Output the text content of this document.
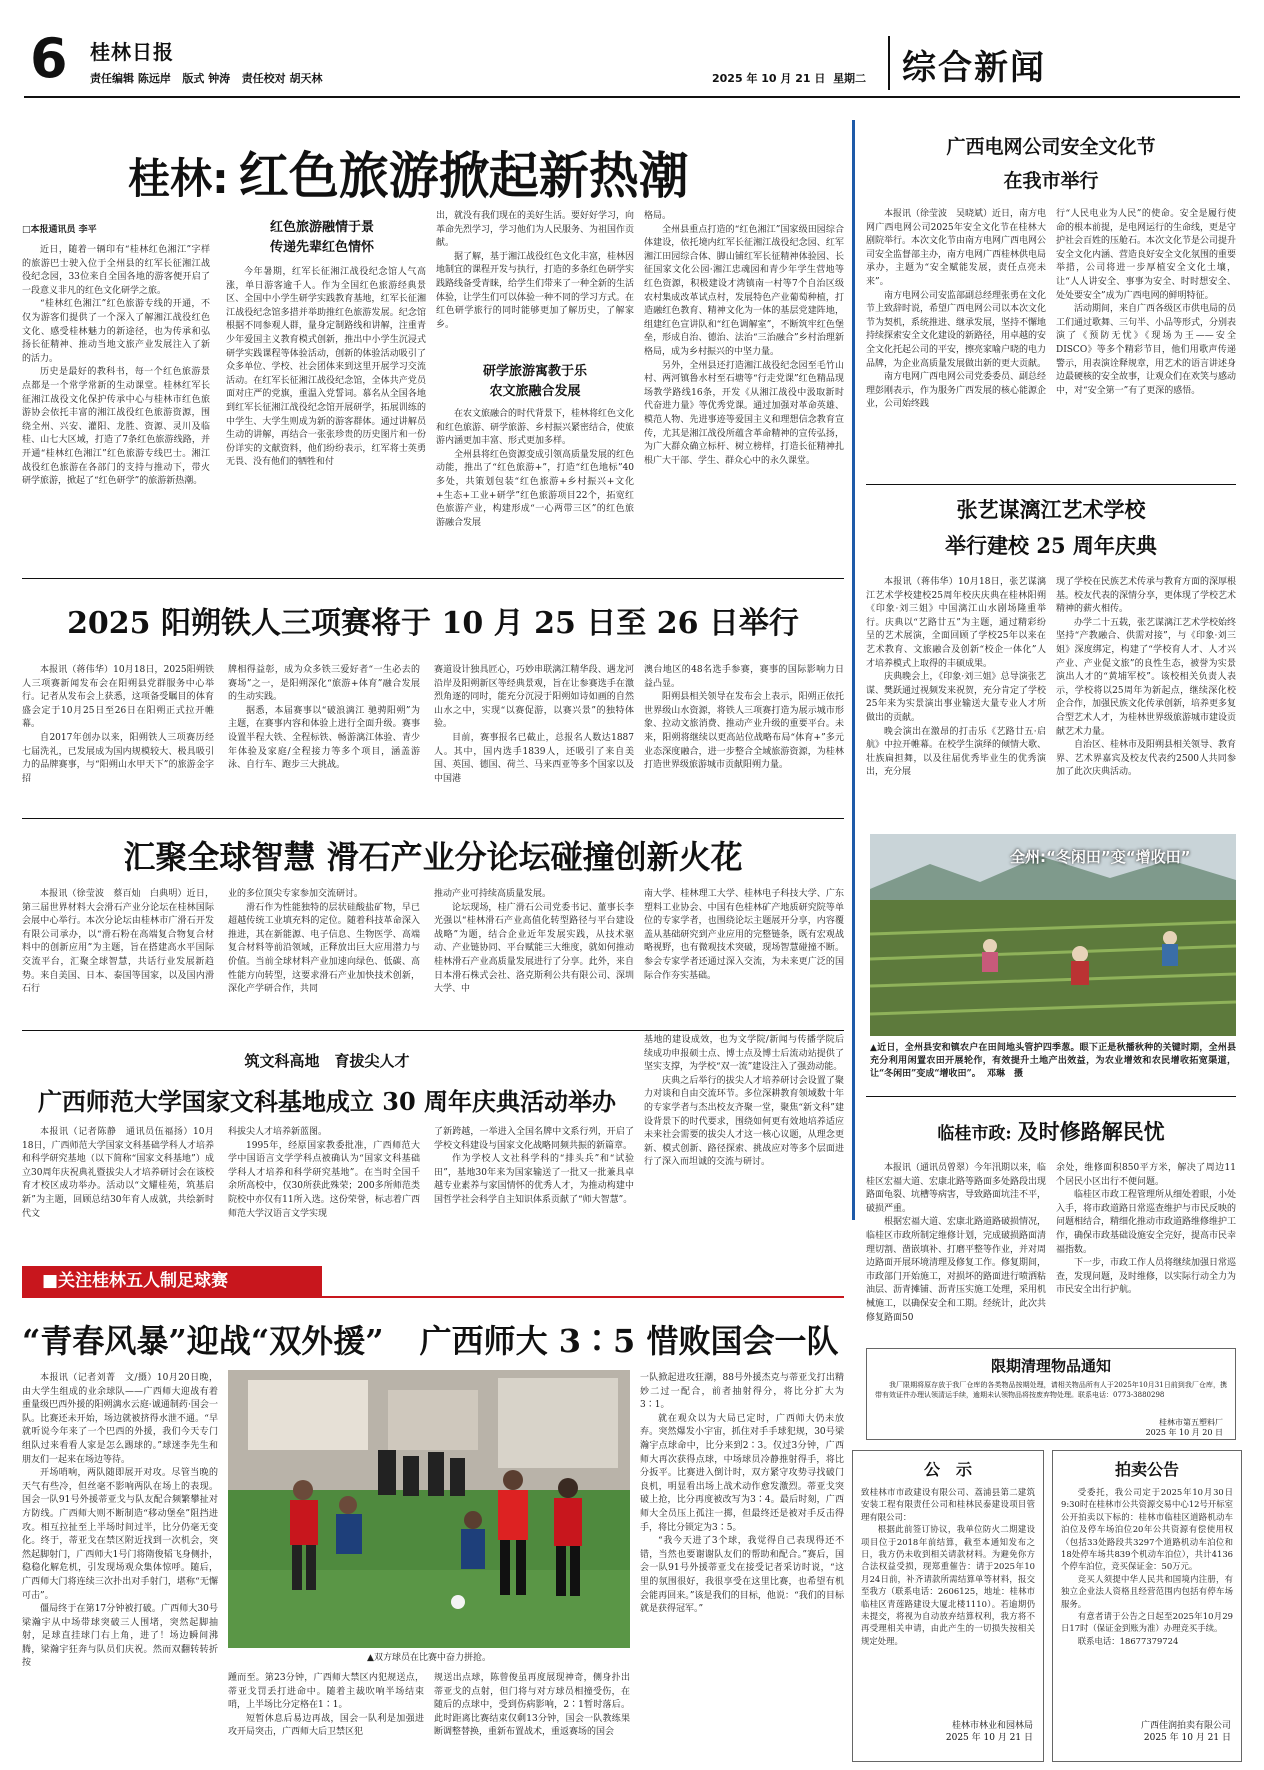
6 桂林日报
责任编辑 陈远岸 版式 钟涛 责任校对 胡天林	2025 年 10 月 21 日 星期二 综合新闻
桂林: 红色旅游掀起新热潮

□本报通讯员 李平

近日，随着一辆印有“桂林红色湘江”字样的旅游巴士驶入位于全州县的红军长征湘江战役纪念园，33位来自全国各地的游客便开启了一段意义非凡的红色文化研学之旅。

“桂林红色湘江”红色旅游专线的开通，不仅为游客们提供了一个深入了解湘江战役红色文化、感受桂林魅力的新途径，也为传承和弘扬长征精神、推动当地文旅产业发展注入了新的活力。

历史是最好的教科书，每一个红色旅游景点都是一个常学常新的生动课堂。桂林红军长征湘江战役文化保护传承中心与桂林市红色旅游协会依托丰富的湘江战役红色旅游资源，围绕全州、兴安、灌阳、龙胜、资源、灵川及临桂、山七大区域，打造了7条红色旅游线路，并开通“桂林红色湘江”红色旅游专线巴士。湘江战役红色旅游在各部门的支持与推动下，带火研学旅游，掀起了“红色研学”的旅游新热潮。

红色旅游融情于景
传递先辈红色情怀

今年暑期，红军长征湘江战役纪念馆人气高涨，单日游客逾千人。作为全国红色旅游经典景区、全国中小学生研学实践教育基地，红军长征湘江战役纪念馆多措并举助推红色旅游发展。纪念馆根据不同参观人群，量身定制路线和讲解，注重青少年爱国主义教育模式创新，推出中小学生沉浸式研学实践课程等体验活动，创新的体验活动吸引了众多单位、学校、社会团体来到这里开展学习交流活动。在红军长征湘江战役纪念馆，全体共产党员面对庄严的党旗，重温入党誓词。慕名从全国各地到红军长征湘江战役纪念馆开展研学，拓展训练的中学生、大学生则成为新的游客群体。通过讲解员生动的讲解，再结合一张张珍贵的历史图片和一份份详实的文献资料，他们纷纷表示，红军将士英勇无畏、没有他们的牺牲和付

出，就没有我们现在的美好生活。要好好学习，向革命先烈学习，学习他们为人民服务、为祖国作贡献。

据了解，基于湘江战役红色文化丰富，桂林因地制宜的课程开发与执行，打造的多条红色研学实践路线备受青睐，给学生们带来了一种全新的生活体验，让学生们可以体验一种不同的学习方式。在红色研学旅行的同时能够更加了解历史，了解家乡。

研学旅游寓教于乐
农文旅融合发展

在农文旅融合的时代背景下，桂林将红色文化和红色旅游、研学旅游、乡村振兴紧密结合，使旅游内涵更加丰富、形式更加多样。

全州县将红色资源变成引领高质量发展的红色动能，推出了“红色旅游+”，打造“红色地标”40多处，共策划包装“红色旅游+乡村振兴+文化+生态+工业+研学”红色旅游项目22个，拓宽红色旅游产业，构建形成“一心两带三区”的红色旅游融合发展

格局。

全州县重点打造的“红色湘江”国家级田园综合体建设，依托境内红军长征湘江战役纪念园、红军湘江田园综合体、脚山铺红军长征精神体验园、长征国家文化公园·湘江忠魂园和青少年学生营地等红色资源，积极建设才湾镇南一村等7个自治区级农村集成改革试点村，发展特色产业葡萄种植，打造融红色教育、精神文化为一体的基层党建阵地，组建红色宣讲队和“红色调解室”，不断筑牢红色堡垒，形成自治、德治、法治“三治融合”乡村治理新格局，成为乡村振兴的中坚力量。

另外，全州县还打造湘江战役纪念园至毛竹山村、两河镇鲁水村至石塘等“行走党课”红色精品现场教学路线16条，开发《从湘江战役中汲取新时代奋进力量》等优秀党课。通过加强对革命英雄、模范人物、先进事迹等爱国主义和理想信念教育宣传，尤其是湘江战役所蕴含革命精神的宣传弘扬，为广大群众确立标杆、树立榜样，打造长征精神扎根广大干部、学生、群众心中的永久课堂。

2025 阳朔铁人三项赛将于 10 月 25 日至 26 日举行

本报讯（蒋伟华）10月18日，2025阳朔铁人三项赛新闻发布会在阳朔县党群服务中心举行。记者从发布会上获悉，这项备受瞩目的体育盛会定于10月25日至26日在阳朔正式拉开帷幕。

自2017年创办以来，阳朔铁人三项赛历经七届洗礼，已发展成为国内规模较大、极具吸引力的品牌赛事，与“阳朔山水甲天下”的旅游金字招

牌相得益彰，成为众多铁三爱好者“一生必去的赛场”之一，是阳朔深化“旅游+体育”融合发展的生动实践。

据悉，本届赛事以“破浪漓江 驰骋阳朔”为主题，在赛事内容和体验上进行全面升级。赛事设置半程大铁、全程标铁、畅游漓江体验、青少年体验及家庭/全程接力等多个项目，涵盖游泳、自行车、跑步三大挑战。

赛道设计独具匠心，巧妙串联漓江精华段、遇龙河沿岸及阳朔新区等经典景观，旨在让参赛选手在激烈角逐的同时，能充分沉浸于阳朔如诗如画的自然山水之中，实现“以赛促游，以赛兴景”的独特体验。

目前，赛事报名已截止，总报名人数达1887人。其中，国内选手1839人，还吸引了来自美国、英国、德国、荷兰、马来西亚等多个国家以及中国港

澳台地区的48名选手参赛，赛事的国际影响力日益凸显。

阳朔县相关领导在发布会上表示，阳朔正依托世界级山水资源，将铁人三项赛打造为展示城市形象、拉动文旅消费、推动产业升级的重要平台。未来，阳朔将继续以更高站位战略布局“体育+”多元业态深度融合，进一步整合全域旅游资源，为桂林打造世界级旅游城市贡献阳朔力量。

汇聚全球智慧 滑石产业分论坛碰撞创新火花

本报讯（徐莹波　蔡百灿　白典明）近日，第三届世界材料大会滑石产业分论坛在桂林国际会展中心举行。本次分论坛由桂林市广滑石开发有限公司承办，以“滑石粉在高端复合物复合材料中的创新应用”为主题，旨在搭建高水平国际交流平台，汇聚全球智慧，共话行业发展新趋势。来自美国、日本、泰国等国家，以及国内滑石行

业的多位顶尖专家参加交流研讨。

滑石作为性能独特的层状硅酸盐矿物，早已超越传统工业填充料的定位。随着科技革命深入推进，其在新能源、电子信息、生物医学、高端复合材料等前沿领域，正释放出巨大应用潜力与价值。当前全球材料产业加速向绿色、低碳、高性能方向转型，这要求滑石产业加快技术创新，深化产学研合作，共同

推动产业可持续高质量发展。

论坛现场，桂广滑石公司党委书记、董事长李光强以“桂林滑石产业高值化转型路径与平台建设战略”为题，结合企业近年发展实践，从技术驱动、产业链协同、平台赋能三大维度，就如何推动桂林滑石产业高质量发展进行了分享。此外，来自日本滑石株式会社、洛克斯利公共有限公司、深圳大学、中

南大学、桂林理工大学、桂林电子科技大学、广东塑料工业协会、中国有色桂林矿产地质研究院等单位的专家学者，也围绕论坛主题展开分享，内容覆盖从基础研究到产业应用的完整链条，既有宏观战略视野，也有微观技术突破，现场智慧碰撞不断。参会专家学者还通过深入交流，为未来更广泛的国际合作夯实基础。

筑文科高地　育拔尖人才
广西师范大学国家文科基地成立 30 周年庆典活动举办

本报讯（记者陈静　通讯员伍福扬）10月18日，广西师范大学国家文科基础学科人才培养和科学研究基地（以下简称“国家文科基地”）成立30周年庆祝典礼暨拔尖人才培养研讨会在该校育才校区成功举办。活动以“文耀桂苑，筑基启新”为主题，回顾总结30年育人成就，共绘新时代文

科拔尖人才培养新蓝图。

1995年，经原国家教委批准，广西师范大学中国语言文学学科点被确认为“国家文科基础学科人才培养和科学研究基地”。在当时全国千余所高校中，仅30所获此殊荣；200多所师范类院校中亦仅有11所入选。这份荣誉，标志着广西师范大学汉语言文学实现

了新跨越，一举进入全国名牌中文系行列，开启了学校文科建设与国家文化战略同频共振的新篇章。

作为学校人文社科学科的“排头兵”和“试验田”，基地30年来为国家输送了一批又一批兼具卓越专业素养与家国情怀的优秀人才，为推动构建中国哲学社会科学自主知识体系贡献了“师大智慧”。

基地的建设成效，也为文学院/新闻与传播学院后续成功申报硕士点、博士点及博士后流动站提供了坚实支撑，为学校“双一流”建设注入了强劲动能。

庆典之后举行的拔尖人才培养研讨会设置了聚力对谈和自由交流环节。多位深耕教育领域数十年的专家学者与杰出校友齐聚一堂，聚焦“新文科”建设背景下的时代要求，围绕如何更有效地培养适应未来社会需要的拔尖人才这一核心议题，从理念更新、模式创新、路径探索、挑战应对等多个层面进行了深入而坦诚的交流与研讨。

■关注桂林五人制足球赛
“青春风暴”迎战“双外援” 广西师大 3∶5 惜败国会一队

本报讯（记者刘菁　文/摄）10月20日晚，由大学生组成的业余球队——广西师大迎战有着重量级巴西外援的阳朔漓水云庭·诚通制药·国会一队。比赛还未开始，场边就被挤得水泄不通。“早就听说今年来了一个巴西的外援，我们今天专门组队过来看看人家是怎么踢球的。”球迷李先生和朋友们一起来在场边等待。

开场哨响，两队随即展开对攻。尽管当晚的天气有些冷，但丝毫不影响两队在场上的表现。国会一队91号外援蒂亚戈与队友配合频繁攀扯对方防线。广西师大则不断制造“移动堡垒”阻挡进攻。相互拉扯至上半场时间过半，比分仍毫无变化。终于，蒂亚戈在禁区附近找到一次机会，突然起脚射门，广西师大1号门将隋俊韬飞身侧扑，稳稳化解危机，引发现场观众集体惊呼。随后，广西师大门将连续三次扑出对手射门，堪称“无懈可击”。

僵局终于在第17分钟被打破。广西师大30号梁瀚宇从中场带球突破三人围堵，突然起脚抽射，足球直挂球门右上角，进了！场边瞬间沸腾，梁瀚宇狂奔与队员们庆祝。然而双翻转转折按

▲双方球员在比赛中奋力拼抢。

踵而至。第23分钟，广西师大禁区内犯规送点，蒂亚戈罚丢打进命中。随着主裁吹响半场结束哨，上半场比分定格在1∶1。

短暂休息后易边再战，国会一队利是加强进攻开局突击，广西师大后卫禁区犯

规送出点球，陈曾俊虽再度展现神奇，侧身扑出蒂亚戈的点射，但门将与对方球员相撞受伤，在随后的点球中，受到伤病影响，2∶1暂时落后。此时距离比赛结束仅剩13分钟，国会一队教练果断调整替换，重新布置战术，重返赛场的国会

一队掀起进攻狂潮，88号外援杰克与蒂亚戈打出精妙二过一配合，前者抽射得分，将比分扩大为3∶1。

就在观众以为大局已定时，广西师大仍未放弃。突然爆发小宇宙，抓住对手手球犯规，30号梁瀚宇点球命中，比分来到2∶3。仅过3分钟，广西师大再次获得点球，中场球员冷静推射得手，将比分扳平。比赛进入倒计时，双方紧守攻势寻找破门良机，明显看出场上战术动作愈发激烈。蒂亚戈突破上抢，比分再度被改写为3∶4。最后时刻，广西师大全员压上孤注一掷，但最终还是被对手反击得手，将比分锁定为3∶5。

“我今天进了3个球，我觉得自己表现得还不错，当然也要谢谢队友们的帮助和配合。”赛后，国会一队91号外援蒂亚戈在接受记者采访时说，“这里的氛围很好，我很享受在这里比赛，也希望有机会能再回来。”该是我们的目标，他说：“我们的目标就是获得冠军。”

广西电网公司安全文化节
在我市举行

本报讯（徐莹波　吴晓斌）近日，南方电网广西电网公司2025年安全文化节在桂林大剧院举行。本次文化节由南方电网广西电网公司安全监督部主办，南方电网广西桂林供电局承办，主题为“安全赋能发展，责任点亮未来”。

南方电网公司安监部副总经理张勇在文化节上致辞时说，希望广西电网公司以本次文化节为契机，系统推进、继承发展，坚持不懈地持续探索安全文化建设的新路径，用卓越的安全文化托起公司的平安，擦亮家喻户晓的电力品牌，为企业高质量发展做出新的更大贡献。

南方电网广西电网公司党委委员、副总经理彭刚表示，作为服务广西发展的核心能源企业，公司始终践

行“人民电业为人民”的使命。安全是履行使命的根本前提，是电网运行的生命线，更是守护社会百姓的压舱石。本次文化节是公司提升安全文化内涵、营造良好安全文化氛围的重要举措，公司将进一步厚植安全文化土壤，让“人人讲安全、事事为安全、时时想安全、处处要安全”成为广西电网的鲜明特征。

活动期间，来自广西各级区市供电局的员工们通过歌舞、三句半、小品等形式，分别表演了《预防无忧》《现场为王——安全DISCO》等多个精彩节目，他们用歌声传递警示，用表演诠释规章，用艺术的语言讲述身边最硬核的安全故事，让观众们在欢笑与感动中，对“安全第一”有了更深的感悟。

张艺谋漓江艺术学校
举行建校 25 周年庆典

本报讯（蒋伟华）10月18日，张艺谋漓江艺术学校建校25周年校庆庆典在桂林阳朔《印象·刘三姐》中国漓江山水剧场隆重举行。庆典以“艺路廿五”为主题，通过精彩纷呈的艺术展演，全面回顾了学校25年以来在艺术教育、文旅融合及创新“校企一体化”人才培养模式上取得的丰硕成果。

庆典晚会上，《印象·刘三姐》总导演张艺谋、樊跃通过视频发来祝贺，充分肯定了学校25年来为实景演出事业输送大量专业人才所做出的贡献。

晚会演出在激昂的打击乐《艺路廿五·启航》中拉开帷幕。在校学生演绎的倾情大歌、壮族扁担舞，以及往届优秀毕业生的优秀演出，充分展

现了学校在民族艺术传承与教育方面的深厚根基。校友代表的深情分享，更体现了学校艺术精神的薪火相传。

办学二十五载，张艺谋漓江艺术学校始终坚持“产教融合、供需对接”，与《印象·刘三姐》深度绑定，构建了“学校育人才、人才兴产业、产业促文旅”的良性生态，被誉为实景演出人才的“黄埔军校”。该校相关负责人表示，学校将以25周年为新起点，继续深化校企合作，加强民族文化传承创新，培养更多复合型艺术人才，为桂林世界级旅游城市建设贡献艺术力量。

自治区、桂林市及阳朔县相关领导、教育界、艺术界嘉宾及校友代表约2500人共同参加了此次庆典活动。

全州:“冬闲田”变“增收田”

▲近日，全州县安和镇农户在田间地头管护四季葱。眼下正是秋播秋种的关键时期，全州县充分利用闲置农田开展轮作，有效提升土地产出效益，为农业增效和农民增收拓宽渠道，让“冬闲田”变成“增收田”。 邓琳　摄

临桂市政: 及时修路解民忧

本报讯（通讯员曾翠）今年汛期以来，临桂区宏福大道、宏康北路等路面多处路段出现路面龟裂、坑槽等病害，导致路面坑洼不平，破损严重。

根据宏福大道、宏康北路道路破损情况，临桂区市政所制定维修计划，完成破损路面清理切割、凿嵌填补、打磨平整等作业，并对周边路面开展环境清理及修复工作。修复期间，市政部门开始施工，对损坏的路面进行喷洒粘油层、沥青摊铺、沥青压实施工处理，采用机械施工，以确保安全和工期。经统计，此次共修复路面50

余处，维修面积850平方米，解决了周边11个居民小区出行不便问题。

临桂区市政工程管理所从细处着眼，小处入手，将市政道路日常巡查维护与市民反映的问题相结合，精细化推动市政道路维修维护工作，确保市政基础设施安全完好，提高市民幸福指数。

下一步，市政工作人员将继续加强日常巡查，发现问题，及时维修，以实际行动全力为市民安全出行护航。

限期清理物品通知

我厂限期将原存放于我厂仓库的各类物品按期处理，请相关物品所有人于2025年10月31日前到我厂仓库，携带有效证件办理认领清运手续，逾期未认领物品将按废弃物处理。联系电话：0773-3880298

桂林市第五塑料厂
2025 年 10 月 20 日
公　示

致桂林市市政建设有限公司、荔浦县第二建筑安装工程有限责任公司和桂林民泰建设项目管理有限公司：

根据此前签订协议，我单位防火二期建设项目位于2018年前结算，截至本通知发布之日，我方仍未收到相关请款材料。为避免你方合法权益受损，现郑重催告：请于2025年10月24日前，补齐请款所需结算单等材料，报交至我方（联系电话：2606125，地址：桂林市临桂区青莲路建设大厦北楼1110）。若逾期仍未提交，将视为自动放弃结算权利，我方将不再受理相关申请，由此产生的一切损失按相关规定处理。

桂林市林业和园林局
2025 年 10 月 21 日
拍卖公告

受委托，我公司定于2025年10月30日9:30时在桂林市公共资源交易中心12号开标室公开拍卖以下标的：桂林市临桂区道路机动车泊位及停车场泊位20年公共资源有偿使用权（包括33处路段共3297个道路机动车泊位和18处停车场共839个机动车泊位），共计4136个停车泊位，竞买保证金：50万元。

竞买人须提中华人民共和国境内注册，有独立企业法人资格且经营范围内包括有停车场服务。

有意者请于公告之日起至2025年10月29日17时（保证金到账为准）办理竞买手续。

联系电话：18677379724

广西佳润拍卖有限公司
2025 年 10 月 21 日
